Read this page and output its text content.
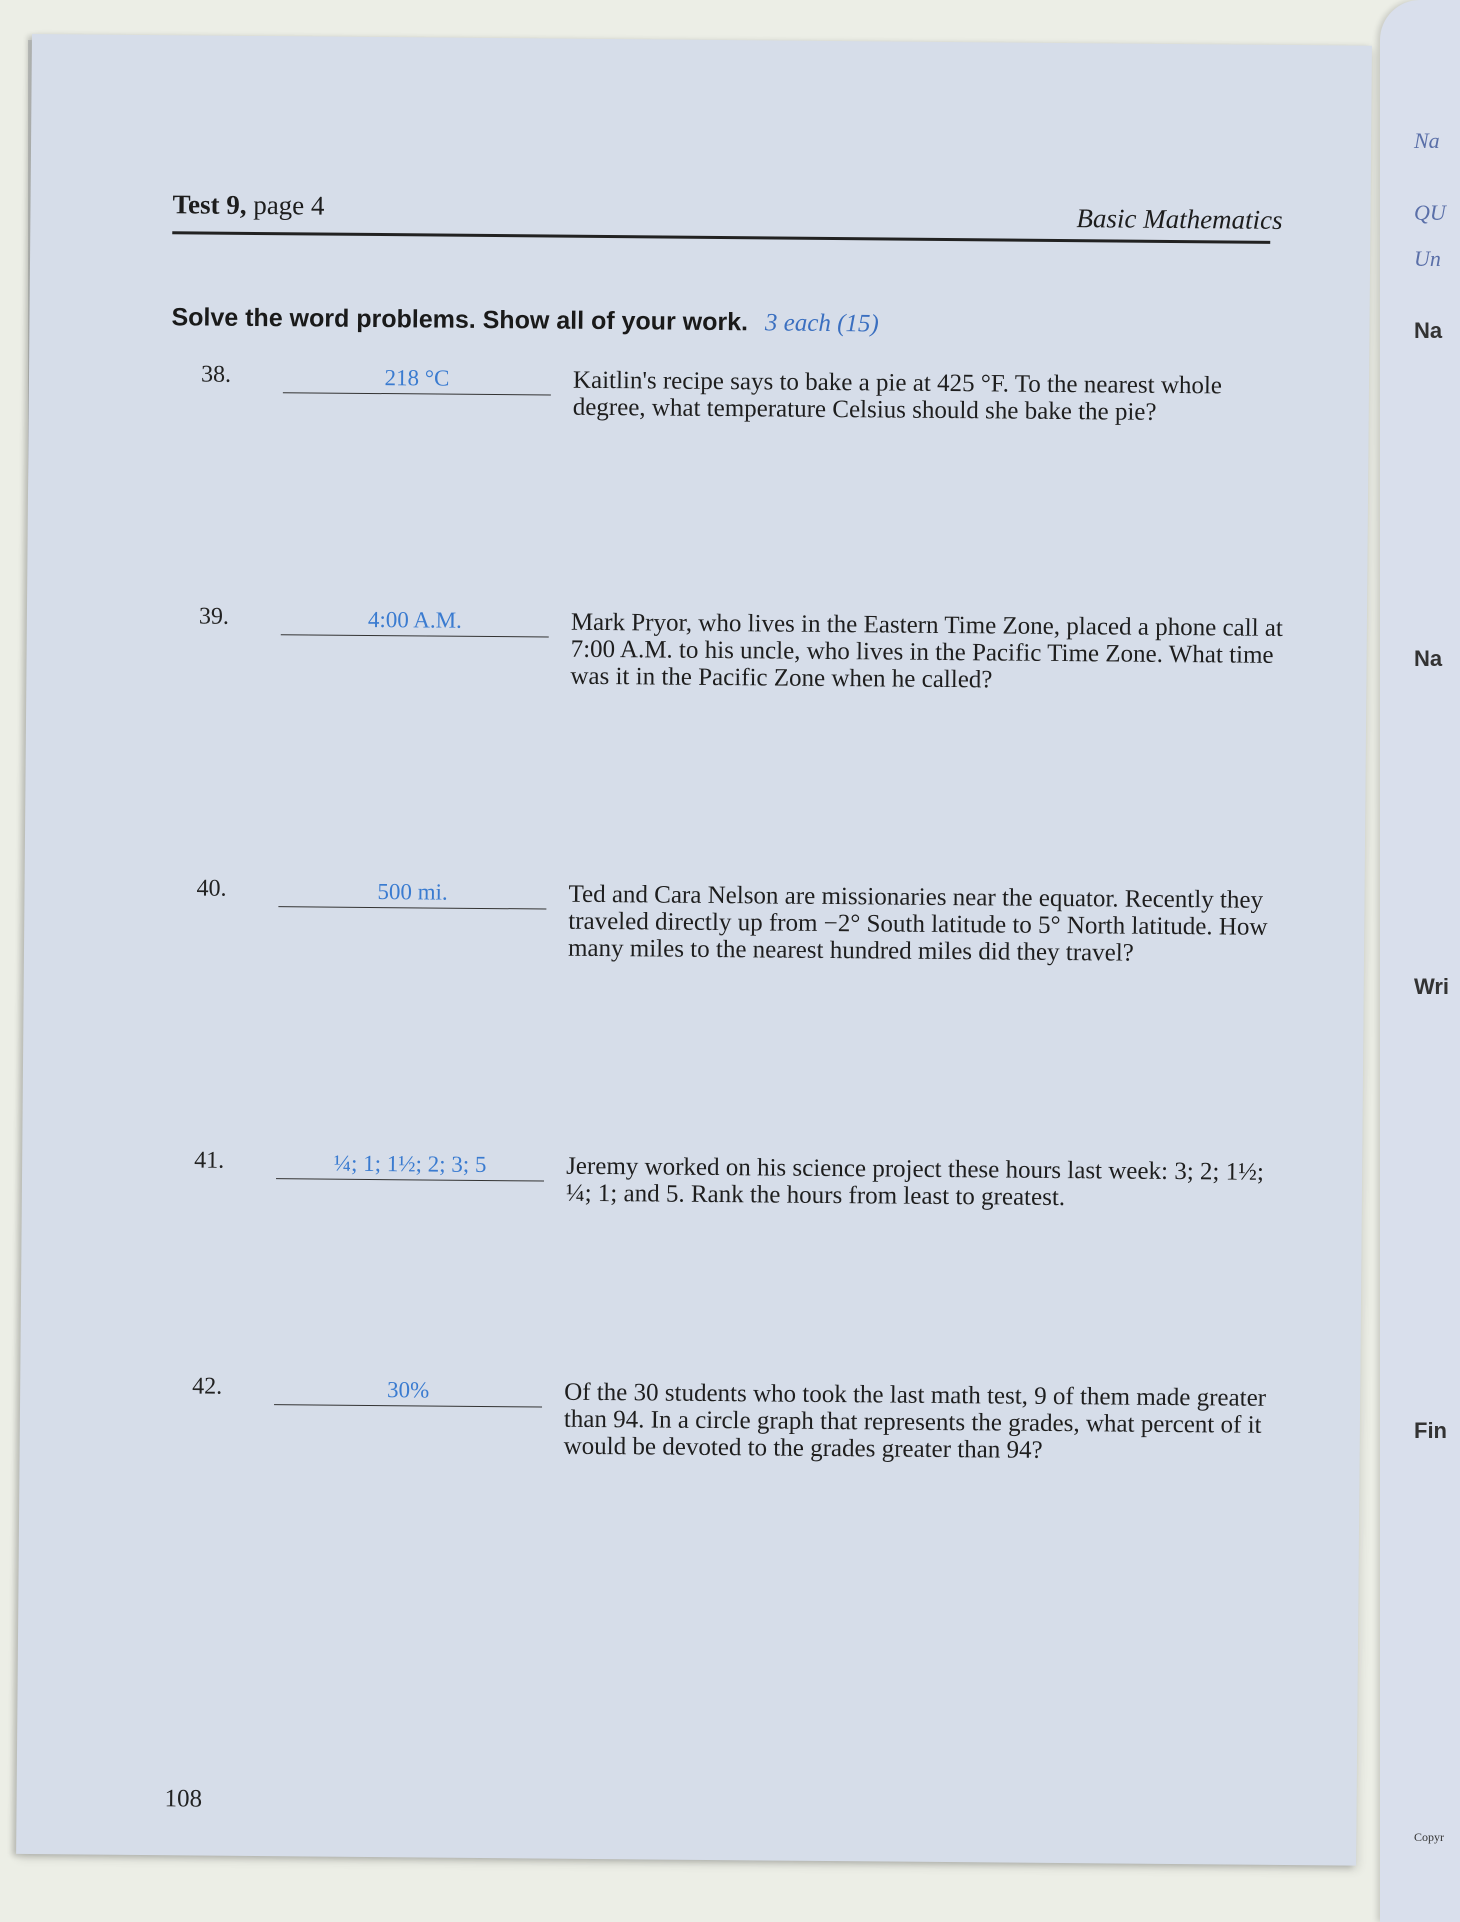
Test 9, page 4	Basic Mathematics
Solve the word problems. Show all of your work. 3 each (15)
38.	218 °C	Kaitlin's recipe says to bake a pie at 425 °F. To the nearest whole degree, what temperature Celsius should she bake the pie?
39.	4:00 A.M.	Mark Pryor, who lives in the Eastern Time Zone, placed a phone call at 7:00 A.M. to his uncle, who lives in the Pacific Time Zone. What time was it in the Pacific Zone when he called?
40.	500 mi.	Ted and Cara Nelson are missionaries near the equator. Recently they traveled directly up from −2° South latitude to 5° North latitude. How many miles to the nearest hundred miles did they travel?
41.	¼; 1; 1½; 2; 3; 5	Jeremy worked on his science project these hours last week: 3; 2; 1½; ¼; 1; and 5. Rank the hours from least to greatest.
42.	30%	Of the 30 students who took the last math test, 9 of them made greater than 94. In a circle graph that represents the grades, what percent of it would be devoted to the grades greater than 94?
108
Na
QU
Un
Na
Na
Wri
Fin
Copyr
